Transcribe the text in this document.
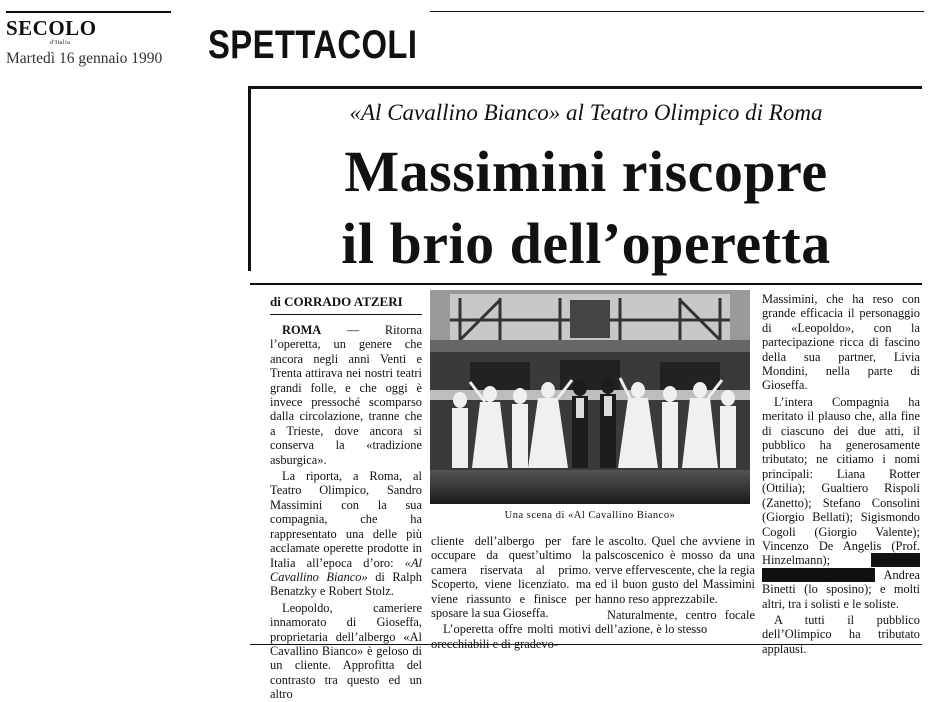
SECOLO
d'Italia
Martedì 16 gennaio 1990 SPETTACOLI
«Al Cavallino Bianco» al Teatro Olimpico di Roma
Massimini riscopre
il brio dell’operetta
di CORRADO ATZERI

ROMA — Ritorna l’operetta, un genere che ancora negli anni Venti e Trenta attirava nei nostri teatri grandi folle, e che oggi è invece pressoché scomparso dalla circolazione, tranne che a Trieste, dove ancora si conserva la «tradizione asburgica».

La riporta, a Roma, al Teatro Olimpico, Sandro Massimini con la sua compagnia, che ha rappresentato una delle più acclamate operette prodotte in Italia all’epoca d’oro: «Al Cavallino Bianco» di Ralph Benatzky e Robert Stolz.

Leopoldo, cameriere innamorato di Gioseffa, proprietaria dell’albergo «Al Cavallino Bianco» è geloso di un cliente. Approfitta del contrasto tra questo ed un altro

Una scena di «Al Cavallino Bianco»

cliente dell’albergo per fare occupare da quest’ultimo la camera riservata al primo. Scoperto, viene licenziato. ma viene riassunto e finisce per sposare la sua Gioseffa.

L’operetta offre molti motivi orecchiabili e di gradevo-

le ascolto. Quel che avviene in palscoscenico è mosso da una verve effervescente, che la regia ed il buon gusto del Massimini hanno reso apprezzabile.

Naturalmente, centro focale dell’azione, è lo stesso

Massimini, che ha reso con grande efficacia il personaggio di «Leopoldo», con la partecipazione ricca di fascino della sua partner, Livia Mondini, nella parte di Gioseffa.

L’intera Compagnia ha meritato il plauso che, alla fine di ciascuno dei due atti, il pubblico ha generosamente tributato; ne citiamo i nomi principali: Liana Rotter (Ottilia); Gualtiero Rispoli (Zanetto); Stefano Consolini (Giorgio Bellati); Sigismondo Cogoli (Giorgio Valente); Vincenzo De Angelis (Prof. Hinzelmann); Elisabetta Melchiorri (Claretta); Andrea Binetti (lo sposino); e molti altri, tra i solisti e le soliste.

A tutti il pubblico dell’Olimpico ha tributato applausi.
